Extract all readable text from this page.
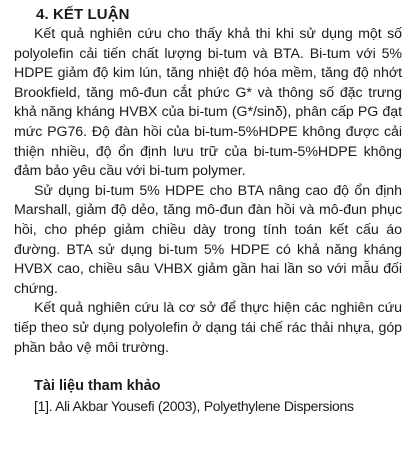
4. KẾT LUẬN

Kết quả nghiên cứu cho thấy khả thi khi sử dụng một số polyolefin cải tiến chất lượng bi-tum và BTA. Bi-tum với 5% HDPE giảm độ kim lún, tăng nhiệt độ hóa mềm, tăng độ nhớt Brookfield, tăng mô-đun cắt phức G* và thông số đặc trưng khả năng kháng HVBX của bi-tum (G*/sinδ), phân cấp PG đạt mức PG76. Độ đàn hồi của bi-tum-5%HDPE không được cải thiện nhiều, độ ổn định lưu trữ của bi-tum-5%HDPE không đảm bảo yêu cầu với bi-tum polymer.

Sử dụng bi-tum 5% HDPE cho BTA nâng cao độ ổn định Marshall, giảm độ dẻo, tăng mô-đun đàn hồi và mô-đun phục hồi, cho phép giảm chiều dày trong tính toán kết cấu áo đường. BTA sử dụng bi-tum 5% HDPE có khả năng kháng HVBX cao, chiều sâu VHBX giảm gần hai lần so với mẫu đối chứng.

Kết quả nghiên cứu là cơ sở để thực hiện các nghiên cứu tiếp theo sử dụng polyolefin ở dạng tái chế rác thải nhựa, góp phần bảo vệ môi trường.

Tài liệu tham khảo
[1]. Ali Akbar Yousefi (2003), Polyethylene Dispersions
